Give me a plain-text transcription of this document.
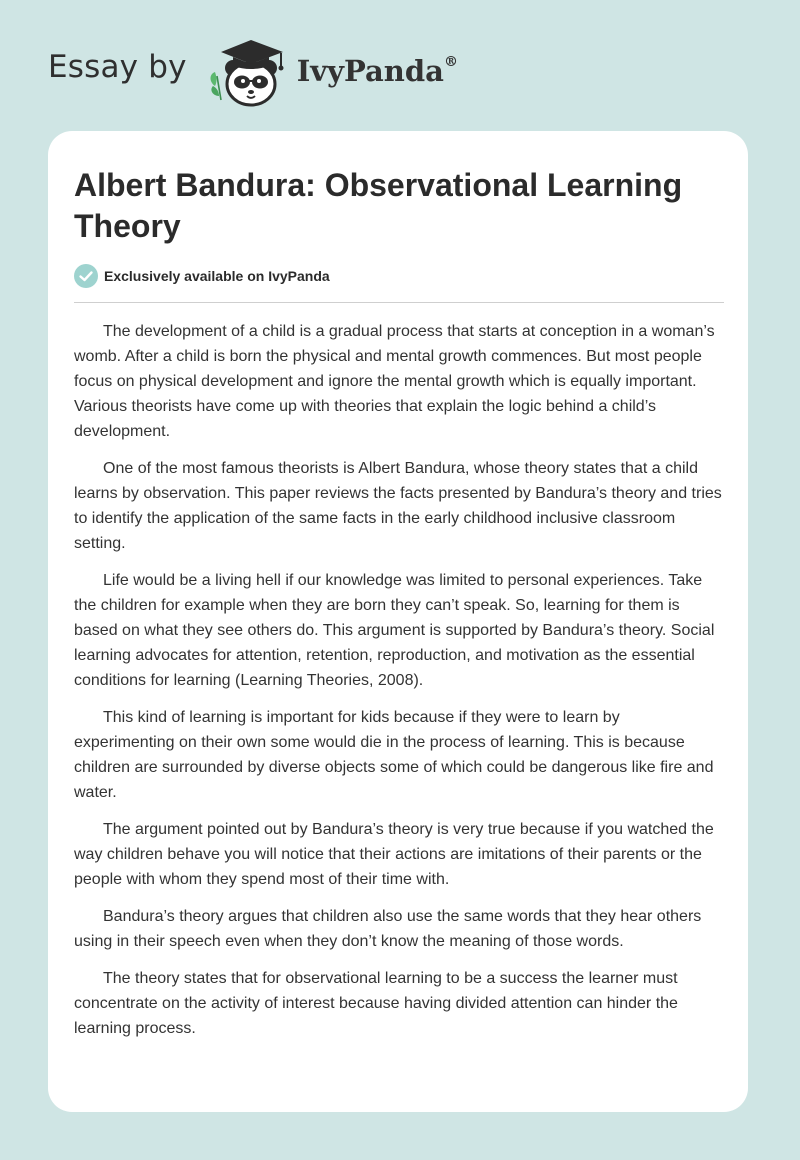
Essay by	IvyPanda®
Albert Bandura: Observational Learning Theory
Exclusively available on IvyPanda

The development of a child is a gradual process that starts at conception in a woman’s womb. After a child is born the physical and mental growth commences. But most people focus on physical development and ignore the mental growth which is equally important. Various theorists have come up with theories that explain the logic behind a child’s development.

One of the most famous theorists is Albert Bandura, whose theory states that a child learns by observation. This paper reviews the facts presented by Bandura’s theory and tries to identify the application of the same facts in the early childhood inclusive classroom setting.

Life would be a living hell if our knowledge was limited to personal experiences. Take the children for example when they are born they can’t speak. So, learning for them is based on what they see others do. This argument is supported by Bandura’s theory. Social learning advocates for attention, retention, reproduction, and motivation as the essential conditions for learning (Learning Theories, 2008).

This kind of learning is important for kids because if they were to learn by experimenting on their own some would die in the process of learning. This is because children are surrounded by diverse objects some of which could be dangerous like fire and water.

The argument pointed out by Bandura’s theory is very true because if you watched the way children behave you will notice that their actions are imitations of their parents or the people with whom they spend most of their time with.

Bandura’s theory argues that children also use the same words that they hear others using in their speech even when they don’t know the meaning of those words.

The theory states that for observational learning to be a success the learner must concentrate on the activity of interest because having divided attention can hinder the learning process.
